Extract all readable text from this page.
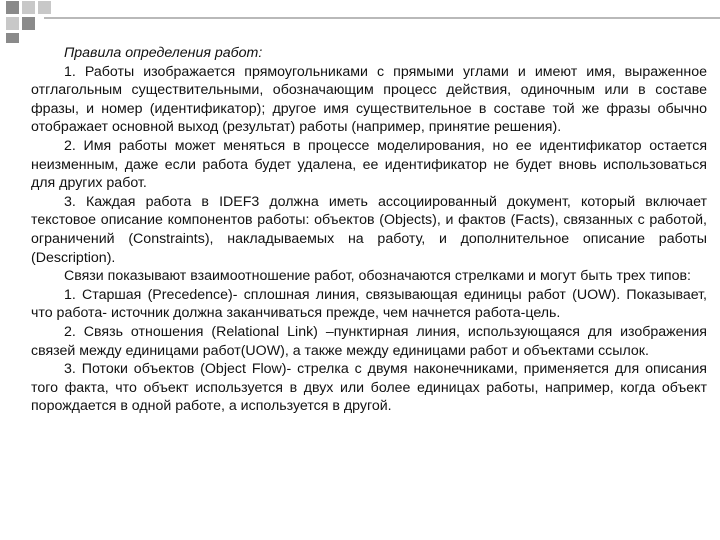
Правила определения работ:

1. Работы изображается прямоугольниками с прямыми углами и имеют имя, выраженное отглагольным существительными, обозначающим процесс действия, одиночным или в составе фразы, и номер (идентификатор); другое имя существительное в составе той же фразы обычно отображает основной выход (результат) работы (например, принятие решения).

2. Имя работы может меняться в процессе моделирования, но ее идентификатор остается неизменным, даже если работа будет удалена, ее идентификатор не будет вновь использоваться для других работ.

3. Каждая работа в IDEF3 должна иметь ассоциированный документ, который включает текстовое описание компонентов работы: объектов (Objects), и фактов (Facts), связанных с работой, ограничений (Constraints), накладываемых на работу, и дополнительное описание работы (Description).

Связи показывают взаимоотношение работ, обозначаются стрелками и могут быть трех типов:

1. Старшая (Precedence)- сплошная линия, связывающая единицы работ (UOW). Показывает, что работа- источник должна заканчиваться прежде, чем начнется работа-цель.

2. Связь отношения (Relational Link) –пунктирная линия, использующаяся для изображения связей между единицами работ(UOW), а также между единицами работ и объектами ссылок.

3. Потоки объектов (Object Flow)- стрелка с двумя наконечниками, применяется для описания того факта, что объект используется в двух или более единицах работы, например, когда объект порождается в одной работе, а используется в другой.
